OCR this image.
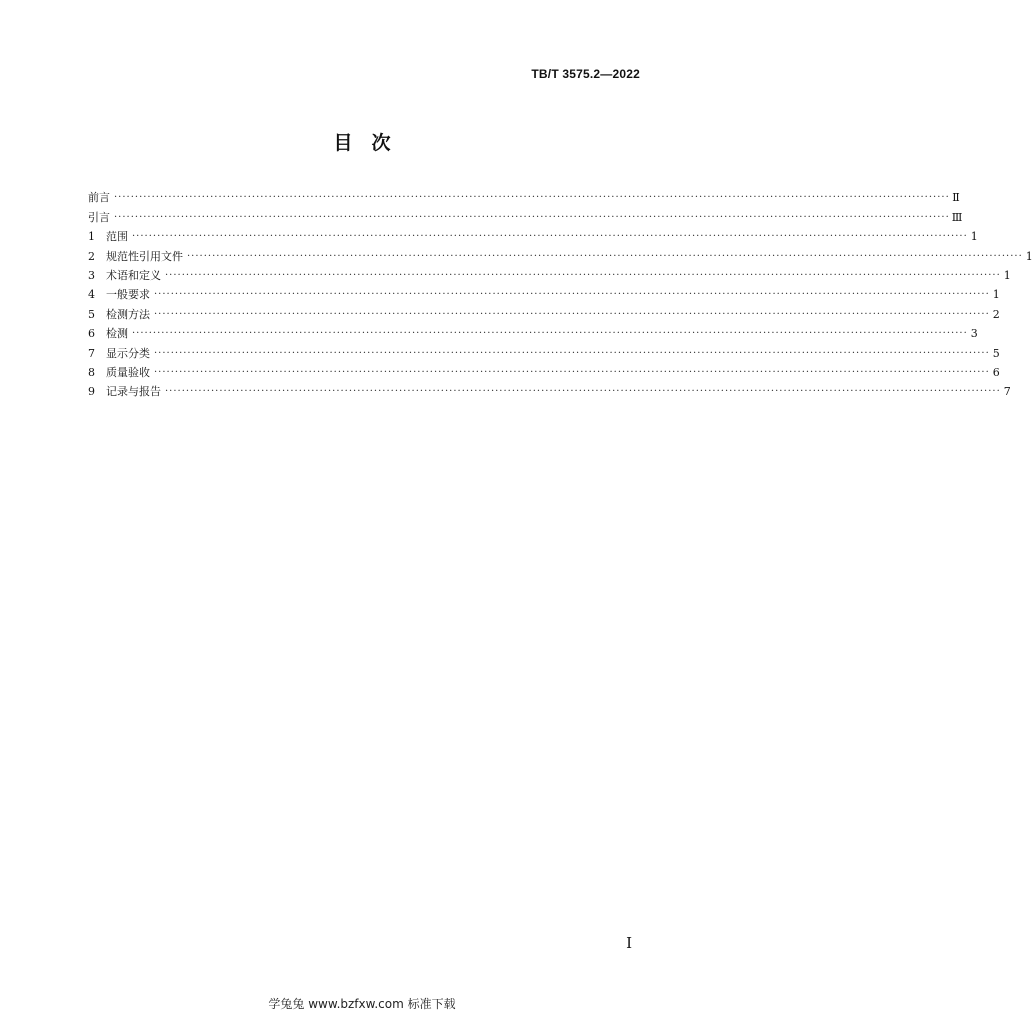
TB/T 3575.2—2022
目　次
前言 ········································································································································································································ Ⅱ
引言 ········································································································································································································ Ⅲ
1	范围 ········································································································································································································ 1
2	规范性引用文件 ········································································································································································································ 1
3	术语和定义 ········································································································································································································ 1
4	一般要求 ········································································································································································································ 1
5	检测方法 ········································································································································································································ 2
6	检测 ········································································································································································································ 3
7	显示分类 ········································································································································································································ 5
8	质量验收 ········································································································································································································ 6
9	记录与报告 ········································································································································································································ 7
I
学兔兔 www.bzfxw.com 标准下载
